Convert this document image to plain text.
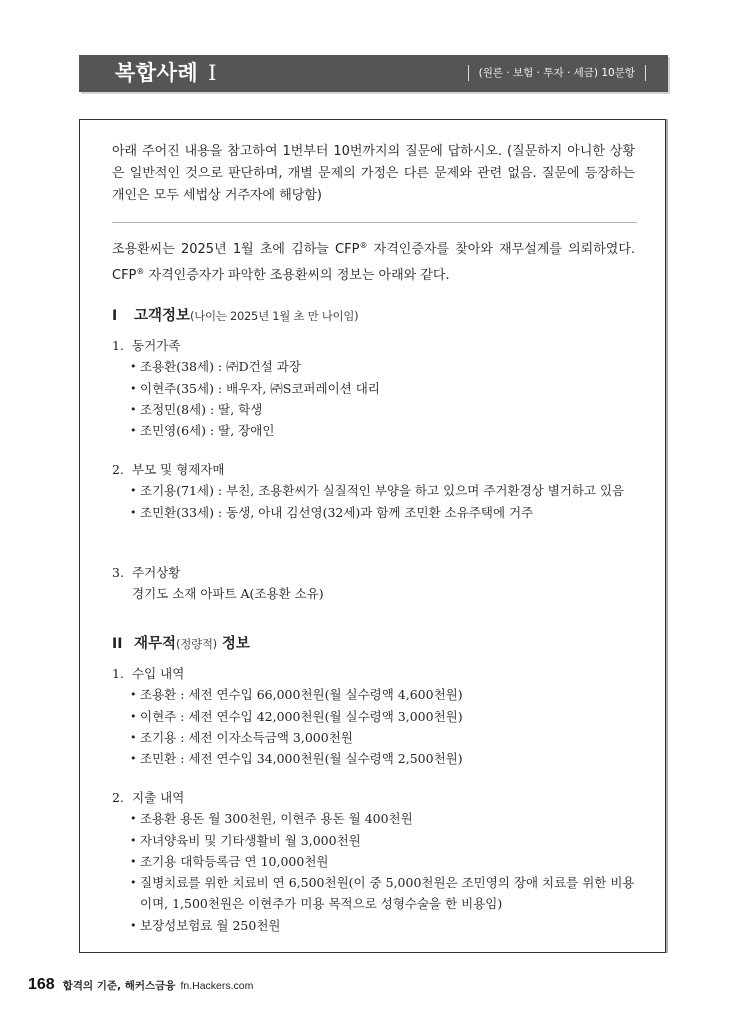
복합사례 Ⅰ	(원론 · 보험 · 투자 · 세금) 10문항

아래 주어진 내용을 참고하여 1번부터 10번까지의 질문에 답하시오. (질문하지 아니한 상황은 일반적인 것으로 판단하며, 개별 문제의 가정은 다른 문제와 관련 없음. 질문에 등장하는 개인은 모두 세법상 거주자에 해당함)

조용환씨는 2025년 1월 초에 김하늘 CFP® 자격인증자를 찾아와 재무설계를 의뢰하였다. CFP® 자격인증자가 파악한 조용환씨의 정보는 아래와 같다.

I	고객정보 (나이는 2025년 1월 초 만 나이임)
1. 동거가족
• 조용환(38세) : ㈜D건설 과장
• 이현주(35세) : 배우자, ㈜S코퍼레이션 대리
• 조정민(8세) : 딸, 학생
• 조민영(6세) : 딸, 장애인
2. 부모 및 형제자매
• 조기용(71세) : 부친, 조용환씨가 실질적인 부양을 하고 있으며 주거환경상 별거하고 있음
• 조민환(33세) : 동생, 아내 김선영(32세)과 함께 조민환 소유주택에 거주
3. 주거상황
경기도 소재 아파트 A(조용환 소유)
II 재무적 (정량적) 정보
1. 수입 내역
• 조용환 : 세전 연수입 66,000천원(월 실수령액 4,600천원)
• 이현주 : 세전 연수입 42,000천원(월 실수령액 3,000천원)
• 조기용 : 세전 이자소득금액 3,000천원
• 조민환 : 세전 연수입 34,000천원(월 실수령액 2,500천원)
2. 지출 내역
• 조용환 용돈 월 300천원, 이현주 용돈 월 400천원
• 자녀양육비 및 기타생활비 월 3,000천원
• 조기용 대학등록금 연 10,000천원
• 질병치료를 위한 치료비 연 6,500천원(이 중 5,000천원은 조민영의 장애 치료를 위한 비용이며, 1,500천원은 이현주가 미용 목적으로 성형수술을 한 비용임)
• 보장성보험료 월 250천원
168 합격의 기준, 해커스금융 fn.Hackers.com
